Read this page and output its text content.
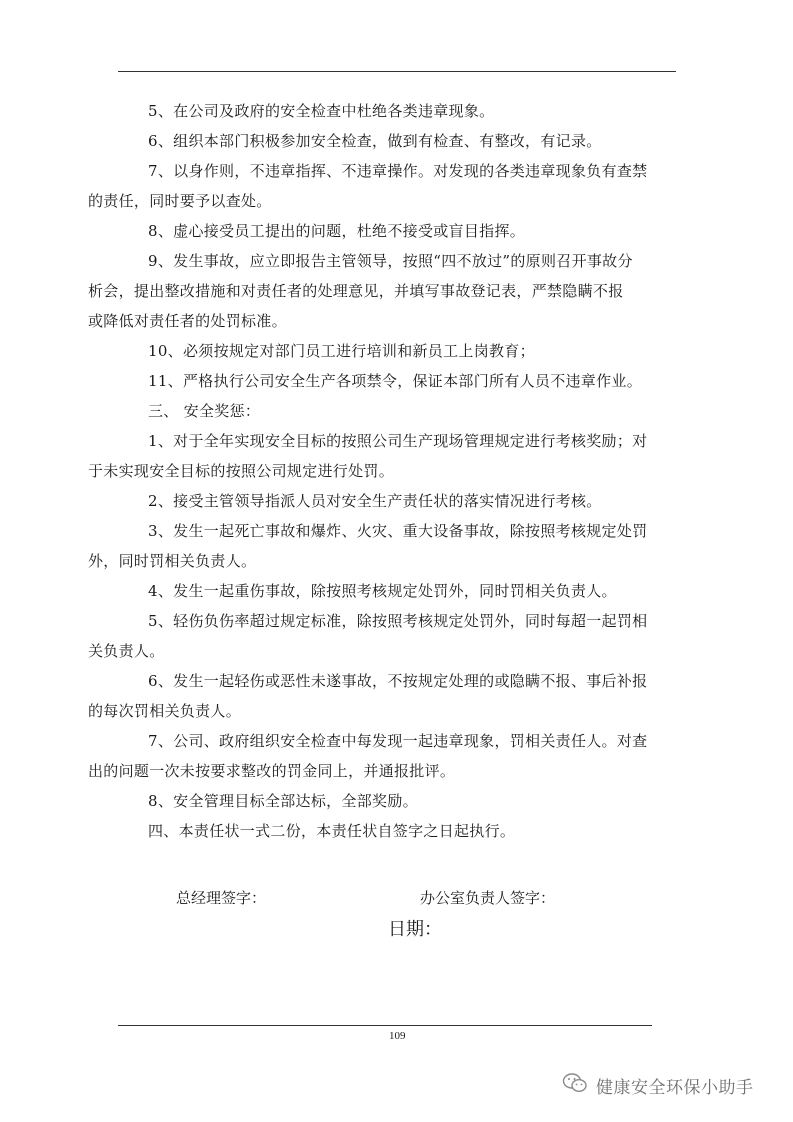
5、在公司及政府的安全检查中杜绝各类违章现象。
6、组织本部门积极参加安全检查，做到有检查、有整改，有记录。
7、以身作则，不违章指挥、不违章操作。对发现的各类违章现象负有查禁
的责任，同时要予以查处。
8、虚心接受员工提出的问题，杜绝不接受或盲目指挥。
9、发生事故，应立即报告主管领导，按照“四不放过”的原则召开事故分
析会，提出整改措施和对责任者的处理意见，并填写事故登记表，严禁隐瞒不报
或降低对责任者的处罚标准。
10、必须按规定对部门员工进行培训和新员工上岗教育；
11、严格执行公司安全生产各项禁令，保证本部门所有人员不违章作业。
三、 安全奖惩：
1、对于全年实现安全目标的按照公司生产现场管理规定进行考核奖励；对
于未实现安全目标的按照公司规定进行处罚。
2、接受主管领导指派人员对安全生产责任状的落实情况进行考核。
3、发生一起死亡事故和爆炸、火灾、重大设备事故，除按照考核规定处罚
外，同时罚相关负责人。
4、发生一起重伤事故，除按照考核规定处罚外，同时罚相关负责人。
5、轻伤负伤率超过规定标准，除按照考核规定处罚外，同时每超一起罚相
关负责人。
6、发生一起轻伤或恶性未遂事故，不按规定处理的或隐瞒不报、事后补报
的每次罚相关负责人。
7、公司、政府组织安全检查中每发现一起违章现象，罚相关责任人。对查
出的问题一次未按要求整改的罚金同上，并通报批评。
8、安全管理目标全部达标，全部奖励。
四、本责任状一式二份，本责任状自签字之日起执行。
总经理签字：	办公室负责人签字：
日期：
109
健康安全环保小助手
